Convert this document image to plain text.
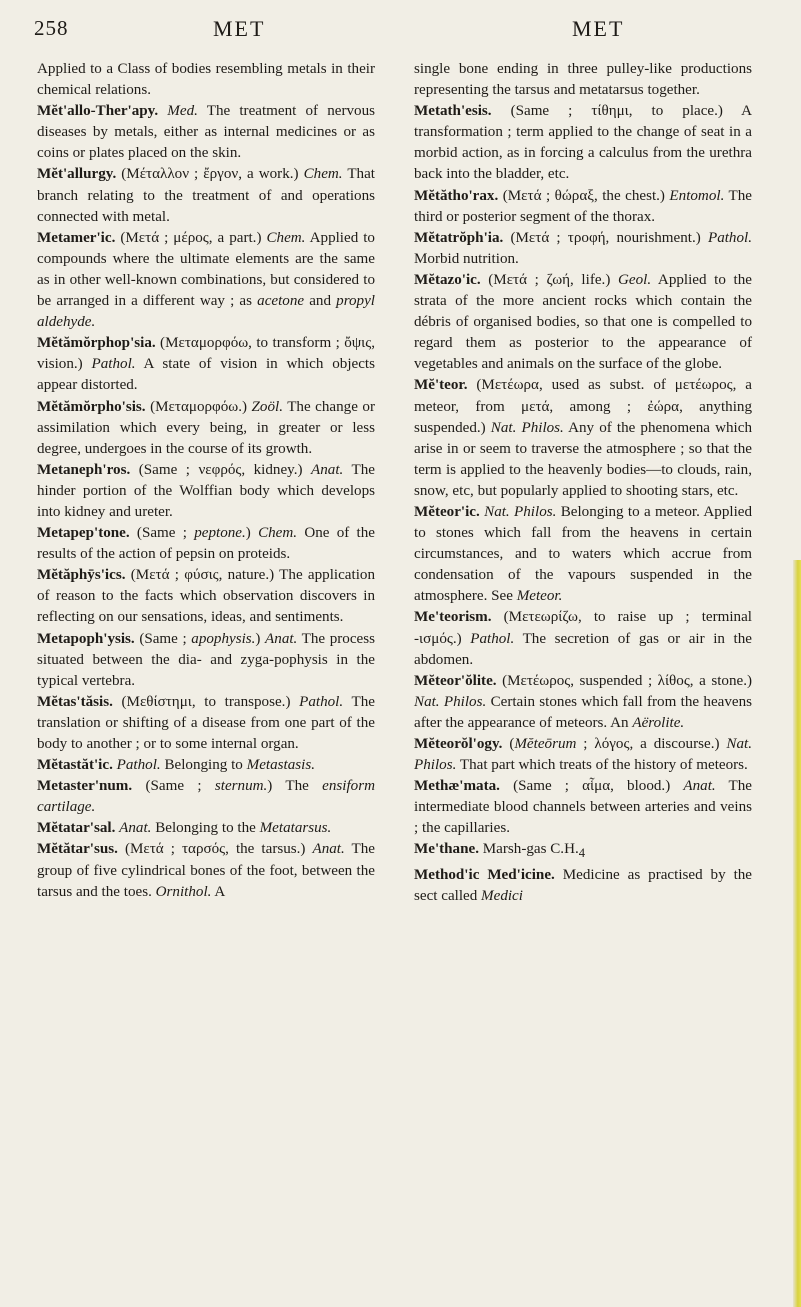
258	MET	MET

Applied to a Class of bodies resembling metals in their chemical relations.

Mĕt'allo-Ther'apy. Med. The treatment of nervous diseases by metals, either as internal medicines or as coins or plates placed on the skin.

Mĕt'allurgy. (Μέταλλον ; ἔργον, a work.) Chem. That branch relating to the treatment of and operations connected with metal.

Metamer'ic. (Μετά ; μέρος, a part.) Chem. Applied to compounds where the ultimate elements are the same as in other well-known combinations, but considered to be arranged in a different way ; as acetone and propyl aldehyde.

Mĕtămŏrphop'sia. (Μεταμορφόω, to transform ; ὄψις, vision.) Pathol. A state of vision in which objects appear distorted.

Mĕtămŏrpho'sis. (Μεταμορφόω.) Zoöl. The change or assimilation which every being, in greater or less degree, undergoes in the course of its growth.

Metaneph'ros. (Same ; νεφρός, kidney.) Anat. The hinder portion of the Wolffian body which develops into kidney and ureter.

Metapep'tone. (Same ; peptone.) Chem. One of the results of the action of pepsin on proteids.

Mĕtăphȳs'ics. (Μετά ; φύσις, nature.) The application of reason to the facts which observation discovers in reflecting on our sensations, ideas, and sentiments.

Metapoph'ysis. (Same ; apophysis.) Anat. The process situated between the dia- and zyga-pophysis in the typical vertebra.

Mĕtas'tăsis. (Μεθίστημι, to transpose.) Pathol. The translation or shifting of a disease from one part of the body to another ; or to some internal organ.

Mĕtastăt'ic. Pathol. Belonging to Metastasis.

Metaster'num. (Same ; sternum.) The ensiform cartilage.

Mĕtatar'sal. Anat. Belonging to the Metatarsus.

Mĕtătar'sus. (Μετά ; ταρσός, the tarsus.) Anat. The group of five cylindrical bones of the foot, between the tarsus and the toes. Ornithol. A

single bone ending in three pulley-like productions representing the tarsus and metatarsus together.

Metath'esis. (Same ; τίθημι, to place.) A transformation ; term applied to the change of seat in a morbid action, as in forcing a calculus from the urethra back into the bladder, etc.

Mĕtătho'rax. (Μετά ; θώραξ, the chest.) Entomol. The third or posterior segment of the thorax.

Mĕtatrŏph'ia. (Μετά ; τροφή, nourishment.) Pathol. Morbid nutrition.

Mĕtazo'ic. (Μετά ; ζωή, life.) Geol. Applied to the strata of the more ancient rocks which contain the débris of organised bodies, so that one is compelled to regard them as posterior to the appearance of vegetables and animals on the surface of the globe.

Mĕ'teor. (Μετέωρα, used as subst. of μετέωρος, a meteor, from μετά, among ; ἐώρα, anything suspended.) Nat. Philos. Any of the phenomena which arise in or seem to traverse the atmosphere ; so that the term is applied to the heavenly bodies—to clouds, rain, snow, etc, but popularly applied to shooting stars, etc.

Mĕteor'ic. Nat. Philos. Belonging to a meteor. Applied to stones which fall from the heavens in certain circumstances, and to waters which accrue from condensation of the vapours suspended in the atmosphere. See Meteor.

Me'teorism. (Μετεωρίζω, to raise up ; terminal -ισμός.) Pathol. The secretion of gas or air in the abdomen.

Mĕteor'ŏlite. (Μετέωρος, suspended ; λίθος, a stone.) Nat. Philos. Certain stones which fall from the heavens after the appearance of meteors. An Aërolite.

Mĕteorŏl'ogy. (Mĕteōrum ; λόγος, a discourse.) Nat. Philos. That part which treats of the history of meteors.

Methæ'mata. (Same ; αἷμα, blood.) Anat. The intermediate blood channels between arteries and veins ; the capillaries.

Me'thane. Marsh-gas $C.H._4$

Method'ic Med'icine. Medicine as practised by the sect called Medici
